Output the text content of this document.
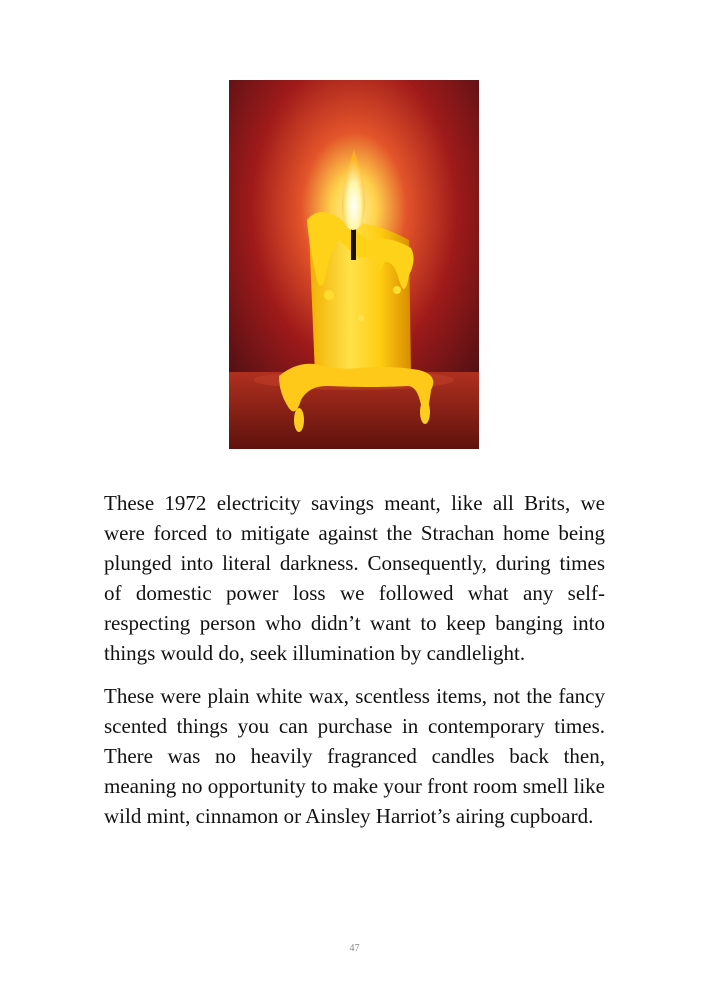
These 1972 electricity savings meant, like all Brits, we were forced to mitigate against the Strachan home being plunged into literal darkness. Consequently, during times of domestic power loss we followed what any self-respecting person who didn’t want to keep banging into things would do, seek illumination by candlelight.

These were plain white wax, scentless items, not the fancy scented things you can purchase in contemporary times. There was no heavily fragranced candles back then, meaning no opportunity to make your front room smell like wild mint, cinnamon or Ainsley Harriot’s airing cupboard.

47
